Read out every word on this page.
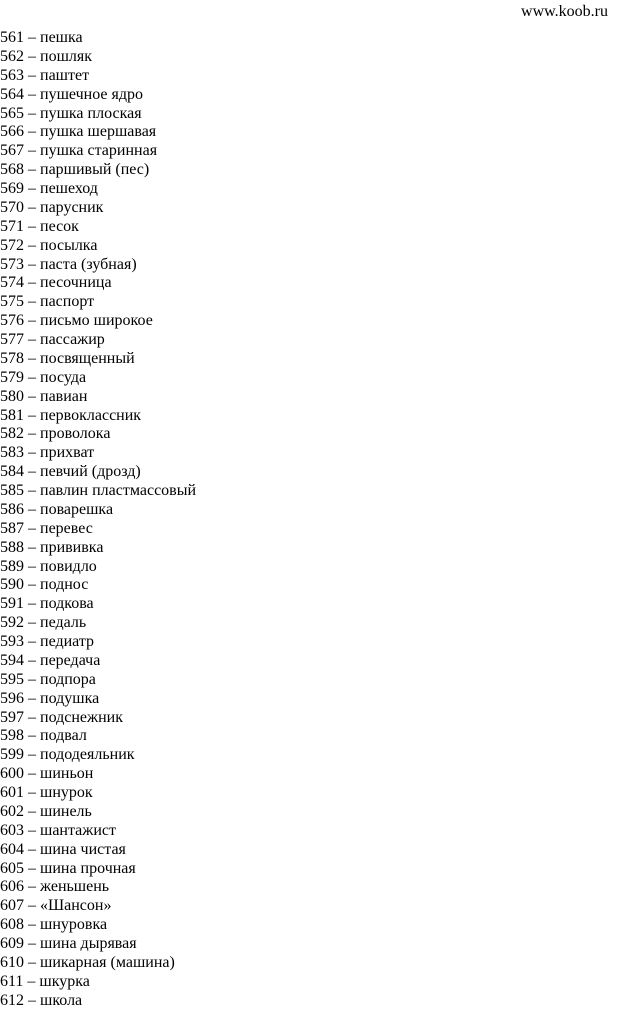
www.koob.ru
561 – пешка
562 – пошляк
563 – паштет
564 – пушечное ядро
565 – пушка плоская
566 – пушка шершавая
567 – пушка старинная
568 – паршивый (пес)
569 – пешеход
570 – парусник
571 – песок
572 – посылка
573 – паста (зубная)
574 – песочница
575 – паспорт
576 – письмо широкое
577 – пассажир
578 – посвященный
579 – посуда
580 – павиан
581 – первоклассник
582 – проволока
583 – прихват
584 – певчий (дрозд)
585 – павлин пластмассовый
586 – поварешка
587 – перевес
588 – прививка
589 – повидло
590 – поднос
591 – подкова
592 – педаль
593 – педиатр
594 – передача
595 – подпора
596 – подушка
597 – подснежник
598 – подвал
599 – пододеяльник
600 – шиньон
601 – шнурок
602 – шинель
603 – шантажист
604 – шина чистая
605 – шина прочная
606 – женьшень
607 – «Шансон»
608 – шнуровка
609 – шина дырявая
610 – шикарная (машина)
611 – шкурка
612 – школа
